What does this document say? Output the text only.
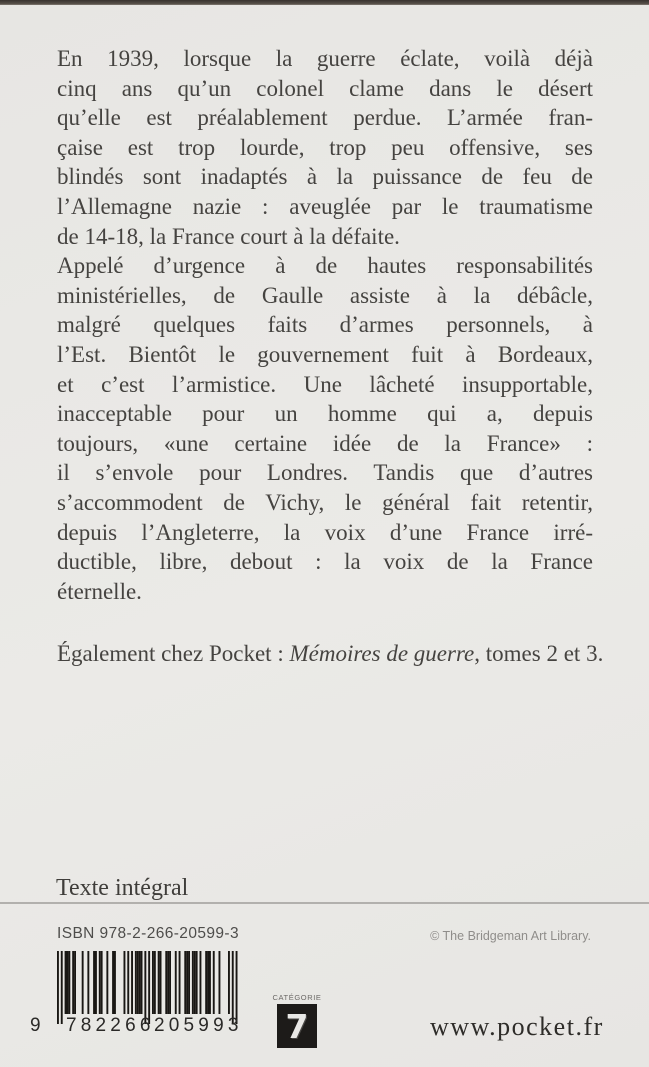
En 1939, lorsque la guerre éclate, voilà déjà
cinq ans qu’un colonel clame dans le désert
qu’elle est préalablement perdue. L’armée fran-
çaise est trop lourde, trop peu offensive, ses
blindés sont inadaptés à la puissance de feu de
l’Allemagne nazie : aveuglée par le traumatisme
de 14-18, la France court à la défaite.
Appelé d’urgence à de hautes responsabilités
ministérielles, de Gaulle assiste à la débâcle,
malgré quelques faits d’armes personnels, à
l’Est. Bientôt le gouvernement fuit à Bordeaux,
et c’est l’armistice. Une lâcheté insupportable,
inacceptable pour un homme qui a, depuis
toujours, «une certaine idée de la France» :
il s’envole pour Londres. Tandis que d’autres
s’accommodent de Vichy, le général fait retentir,
depuis l’Angleterre, la voix d’une France irré-
ductible, libre, debout : la voix de la France
éternelle.
Également chez Pocket : Mémoires de guerre, tomes 2 et 3.
Texte intégral
ISBN 978-2-266-20599-3	© The Bridgeman Art Library.
9 782266 205993
CATÉGORIE
7	www.pocket.fr
